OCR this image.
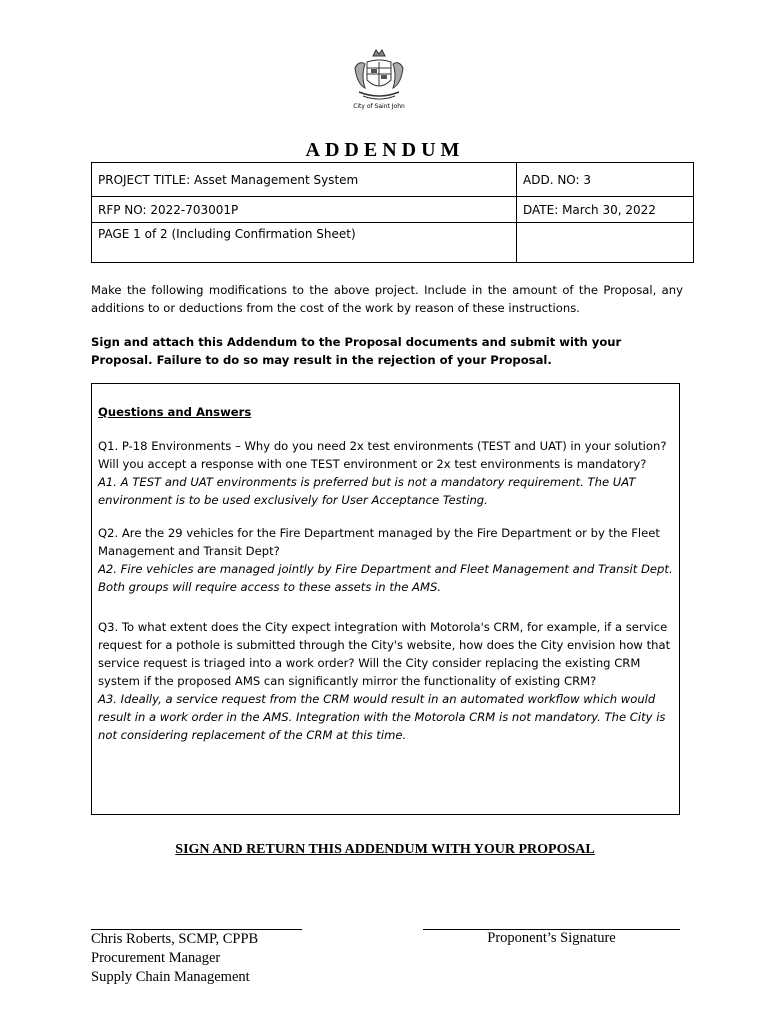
City of Saint John
ADDENDUM
PROJECT TITLE: Asset Management System	ADD. NO: 3
RFP NO: 2022-703001P	DATE: March 30, 2022
PAGE 1 of 2 (Including Confirmation Sheet)	
Make the following modifications to the above project. Include in the amount of the Proposal, any additions to or deductions from the cost of the work by reason of these instructions.
Sign and attach this Addendum to the Proposal documents and submit with your Proposal. Failure to do so may result in the rejection of your Proposal.
Questions and Answers
Q1. P-18 Environments – Why do you need 2x test environments (TEST and UAT) in your solution? Will you accept a response with one TEST environment or 2x test environments is mandatory?
A1. A TEST and UAT environments is preferred but is not a mandatory requirement. The UAT environment is to be used exclusively for User Acceptance Testing.
Q2. Are the 29 vehicles for the Fire Department managed by the Fire Department or by the Fleet Management and Transit Dept?
A2. Fire vehicles are managed jointly by Fire Department and Fleet Management and Transit Dept. Both groups will require access to these assets in the AMS.
Q3. To what extent does the City expect integration with Motorola's CRM, for example, if a service request for a pothole is submitted through the City's website, how does the City envision how that service request is triaged into a work order? Will the City consider replacing the existing CRM system if the proposed AMS can significantly mirror the functionality of existing CRM?
A3. Ideally, a service request from the CRM would result in an automated workflow which would result in a work order in the AMS. Integration with the Motorola CRM is not mandatory. The City is not considering replacement of the CRM at this time.
SIGN AND RETURN THIS ADDENDUM WITH YOUR PROPOSAL
Chris Roberts, SCMP, CPPB
Procurement Manager
Supply Chain Management
Proponent’s Signature
